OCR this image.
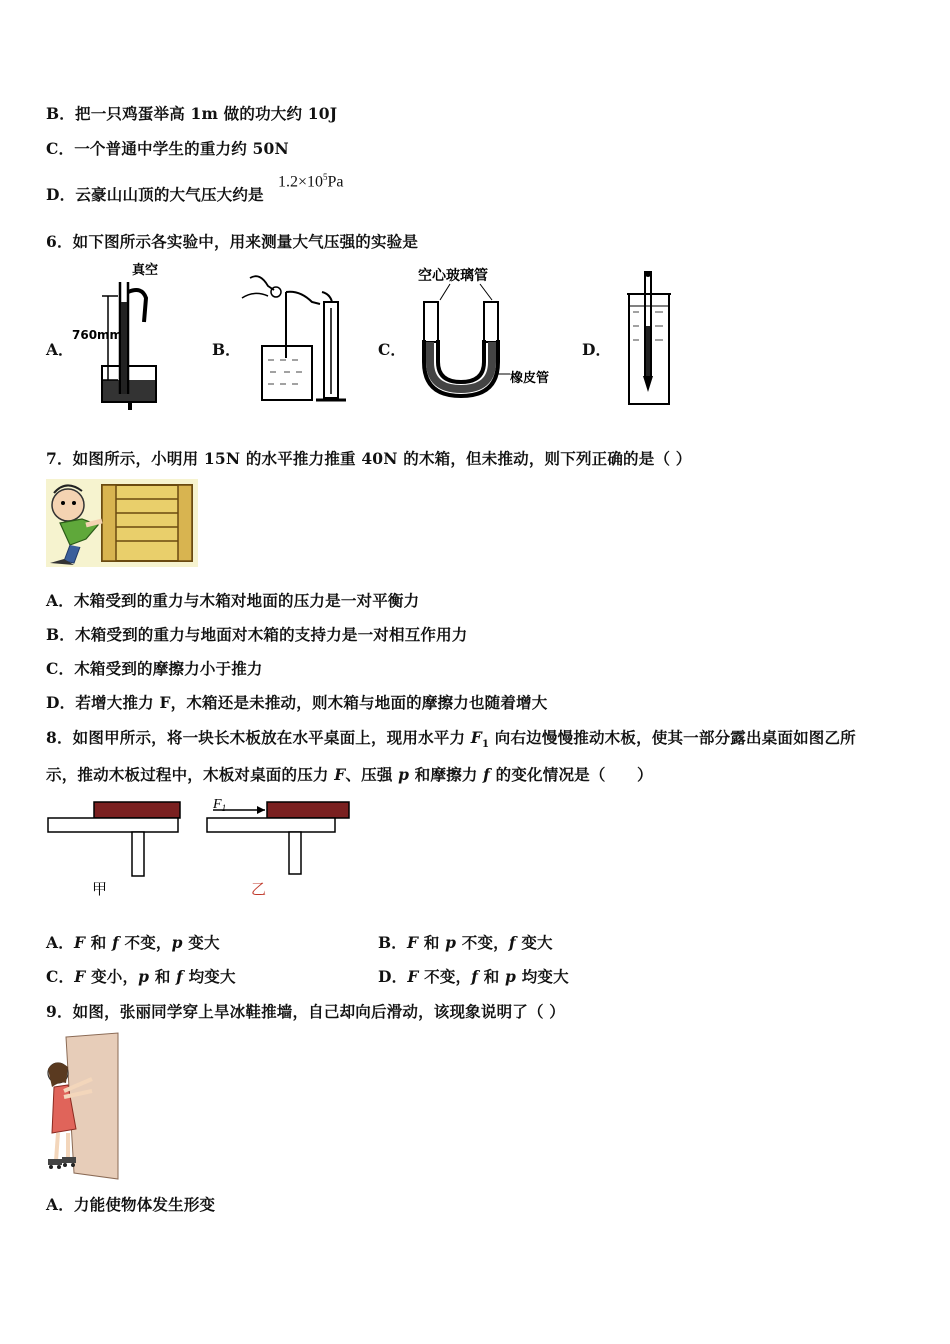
B．把一只鸡蛋举高 1m 做的功大约 10J
C．一个普通中学生的重力约 50N
D．云豪山山顶的大气压大约是
$1.2\times 10^5Pa$
6．如下图所示各实验中，用来测量大气压强的实验是
A．	B．	C．	D．
真空
760mm
空心玻璃管
橡皮管
7．如图所示，小明用 15N 的水平推力推重 40N 的木箱，但未推动，则下列正确的是（ ）
A．木箱受到的重力与木箱对地面的压力是一对平衡力
B．木箱受到的重力与地面对木箱的支持力是一对相互作用力
C．木箱受到的摩擦力小于推力
D．若增大推力 F，木箱还是未推动，则木箱与地面的摩擦力也随着增大
8．如图甲所示，将一块长木板放在水平桌面上，现用水平力 $F_1$ 向右边慢慢推动木板，使其一部分露出桌面如图乙所
示，推动木板过程中，木板对桌面的压力 F、压强 p 和摩擦力 f 的变化情况是（　　）
甲
$F_1$
乙
A．F 和 f 不变，p 变大	B．F 和 p 不变，f 变大
C．F 变小，p 和 f 均变大	D．F 不变，f 和 p 均变大
9．如图，张丽同学穿上旱冰鞋推墙，自己却向后滑动，该现象说明了（ ）
A．力能使物体发生形变
